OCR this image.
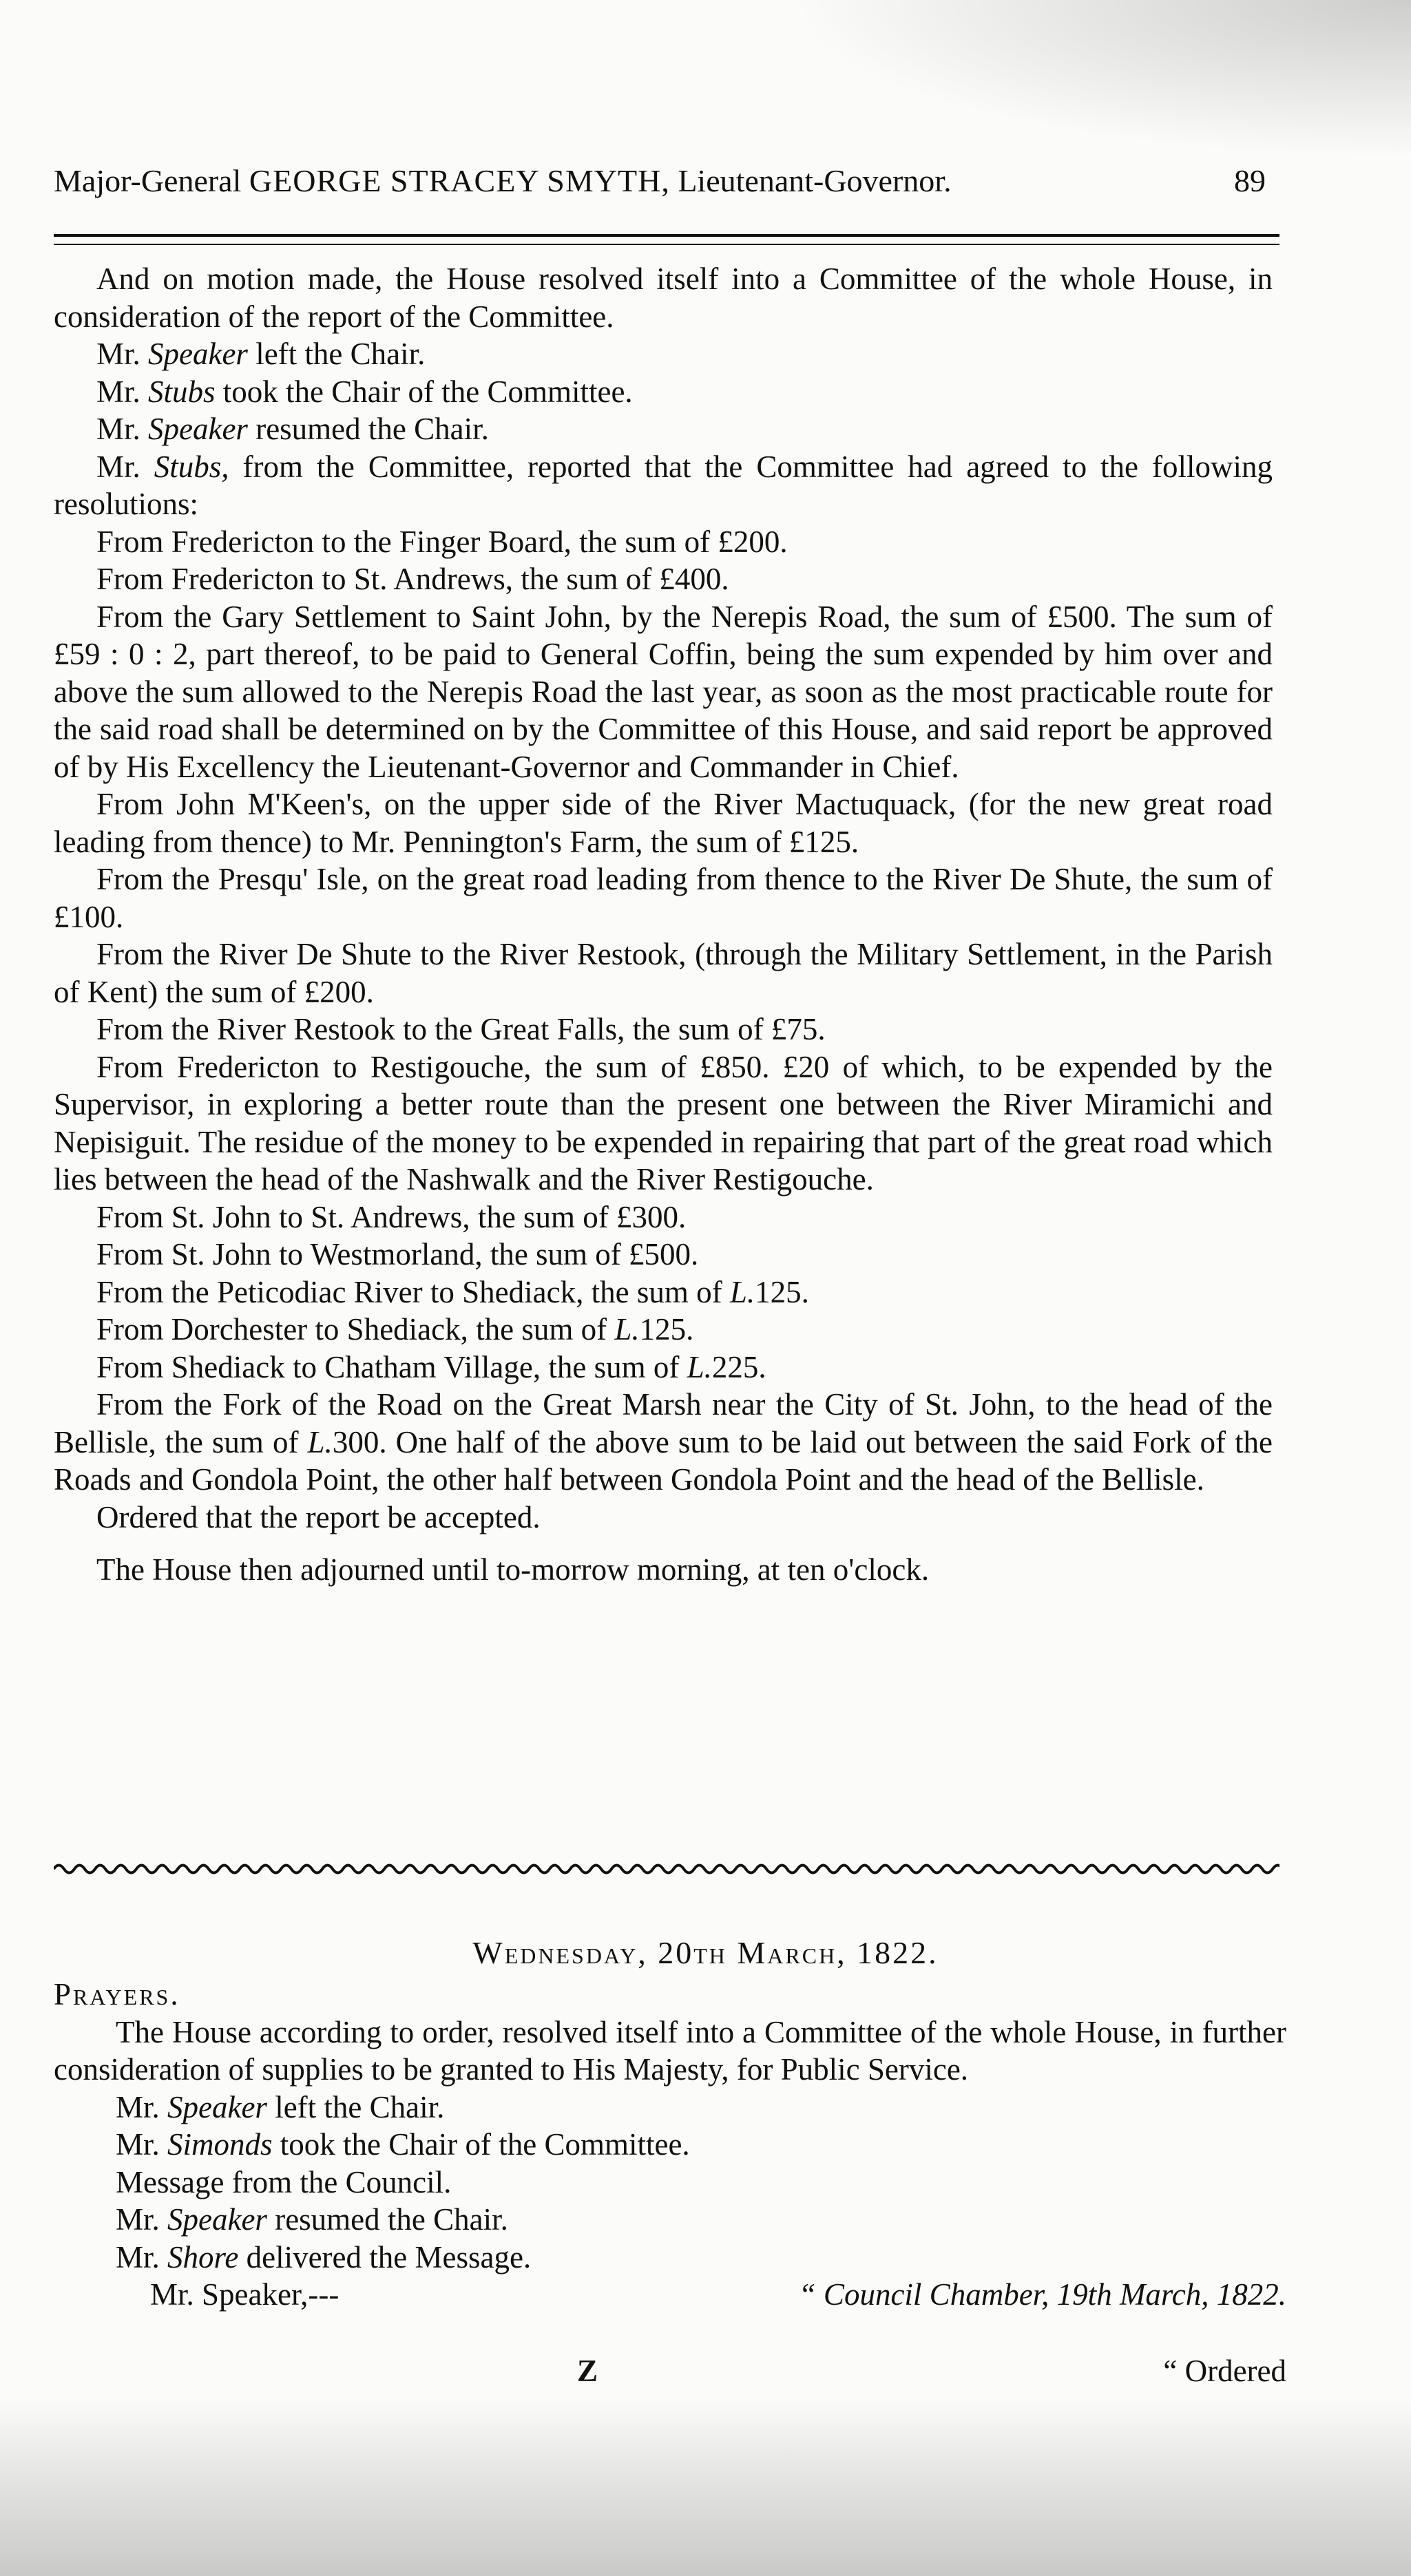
Major-General GEORGE STRACEY SMYTH, Lieutenant-Governor.	89

And on motion made, the House resolved itself into a Committee of the whole House, in consideration of the report of the Committee.

Mr. Speaker left the Chair.

Mr. Stubs took the Chair of the Committee.

Mr. Speaker resumed the Chair.

Mr. Stubs, from the Committee, reported that the Committee had agreed to the following resolutions:

From Fredericton to the Finger Board, the sum of £200.

From Fredericton to St. Andrews, the sum of £400.

From the Gary Settlement to Saint John, by the Nerepis Road, the sum of £500. The sum of £59 : 0 : 2, part thereof, to be paid to General Coffin, being the sum expended by him over and above the sum allowed to the Nerepis Road the last year, as soon as the most practicable route for the said road shall be determined on by the Committee of this House, and said report be approved of by His Excellency the Lieutenant-Governor and Commander in Chief.

From John M'Keen's, on the upper side of the River Mactuquack, (for the new great road leading from thence) to Mr. Pennington's Farm, the sum of £125.

From the Presqu' Isle, on the great road leading from thence to the River De Shute, the sum of £100.

From the River De Shute to the River Restook, (through the Military Settlement, in the Parish of Kent) the sum of £200.

From the River Restook to the Great Falls, the sum of £75.

From Fredericton to Restigouche, the sum of £850. £20 of which, to be expended by the Supervisor, in exploring a better route than the present one between the River Miramichi and Nepisiguit. The residue of the money to be expended in repairing that part of the great road which lies between the head of the Nashwalk and the River Restigouche.

From St. John to St. Andrews, the sum of £300.

From St. John to Westmorland, the sum of £500.

From the Peticodiac River to Shediack, the sum of L.125.

From Dorchester to Shediack, the sum of L.125.

From Shediack to Chatham Village, the sum of L.225.

From the Fork of the Road on the Great Marsh near the City of St. John, to the head of the Bellisle, the sum of L.300. One half of the above sum to be laid out between the said Fork of the Roads and Gondola Point, the other half between Gondola Point and the head of the Bellisle.

Ordered that the report be accepted.

The House then adjourned until to-morrow morning, at ten o'clock.

Wednesday, 20th March, 1822.

Prayers.

The House according to order, resolved itself into a Committee of the whole House, in further consideration of supplies to be granted to His Majesty, for Public Service.

Mr. Speaker left the Chair.

Mr. Simonds took the Chair of the Committee.

Message from the Council.

Mr. Speaker resumed the Chair.

Mr. Shore delivered the Message.

Mr. Speaker,---	“ Council Chamber, 19th March, 1822.

Z	“ Ordered
